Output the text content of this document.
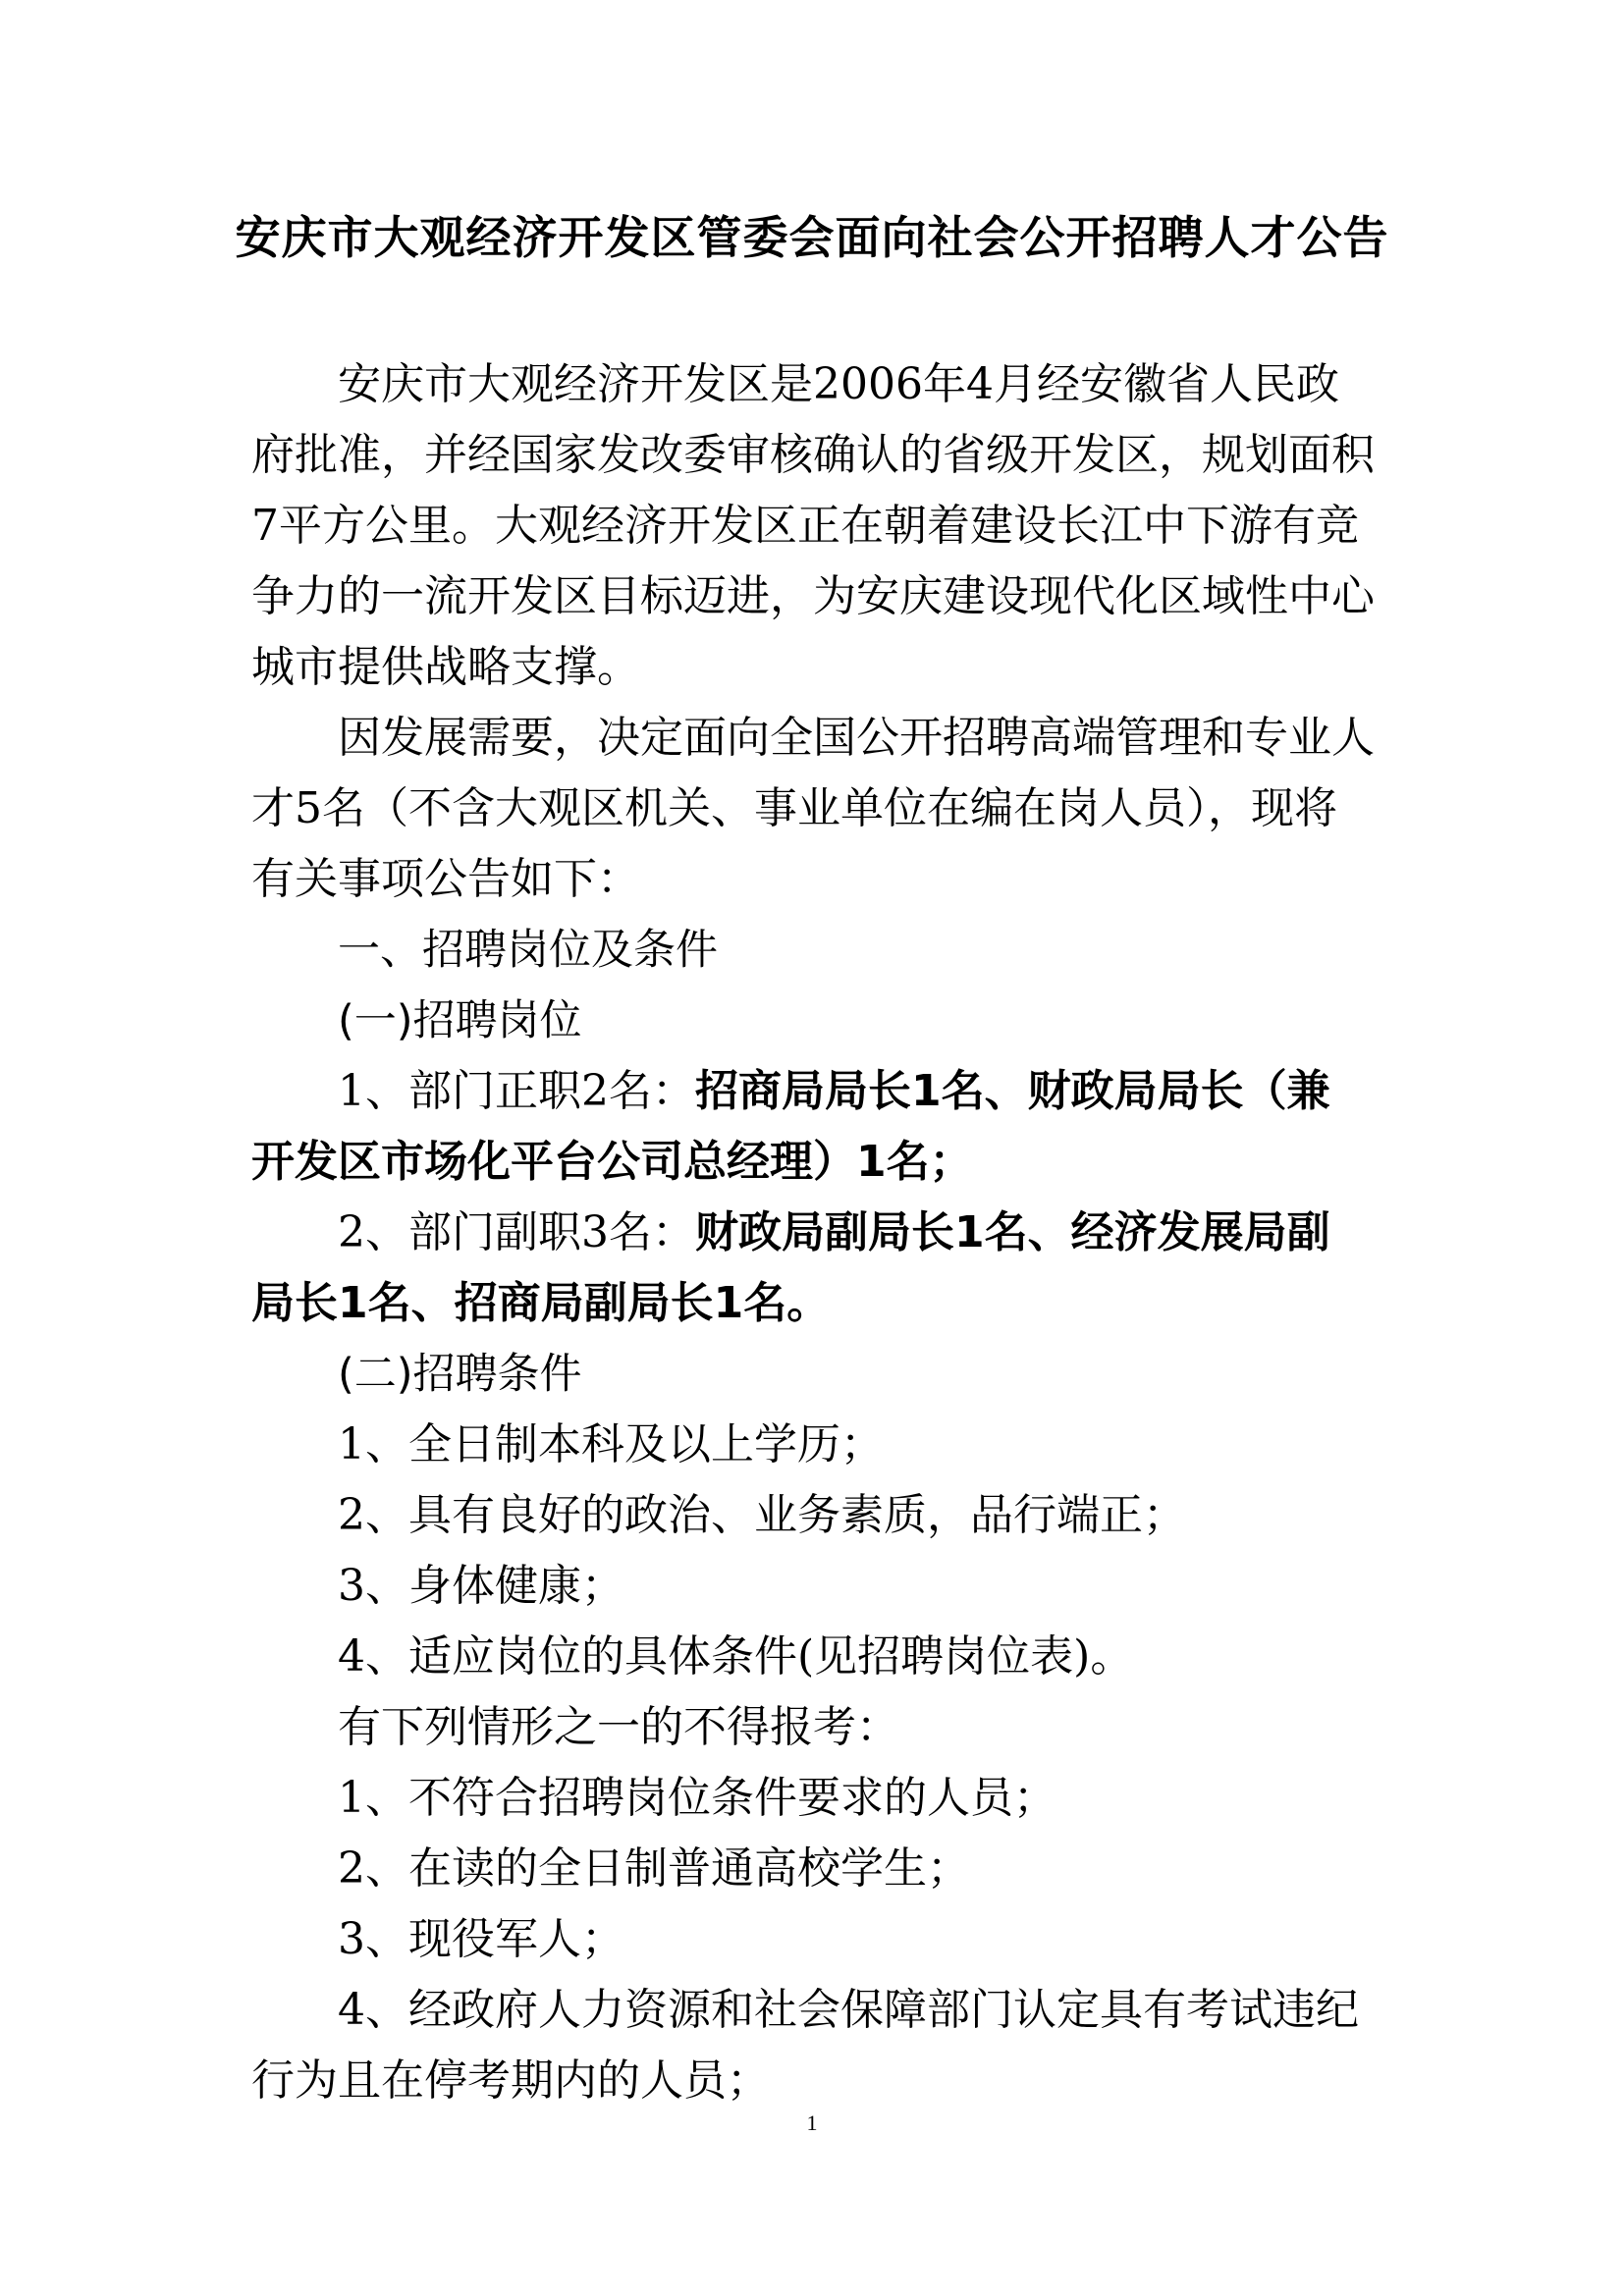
安庆市大观经济开发区管委会面向社会公开招聘人才公告
安庆市大观经济开发区是2006年4月经安徽省人民政
府批准，并经国家发改委审核确认的省级开发区，规划面积
7平方公里。大观经济开发区正在朝着建设长江中下游有竞
争力的一流开发区目标迈进，为安庆建设现代化区域性中心
城市提供战略支撑。
因发展需要，决定面向全国公开招聘高端管理和专业人
才5名（不含大观区机关、事业单位在编在岗人员），现将
有关事项公告如下：
一、招聘岗位及条件
(一)招聘岗位
1、部门正职2名：招商局局长1名、财政局局长（兼
开发区市场化平台公司总经理）1名；
2、部门副职3名：财政局副局长1名、经济发展局副
局长1名、招商局副局长1名。
(二)招聘条件
1、全日制本科及以上学历；
2、具有良好的政治、业务素质，品行端正；
3、身体健康；
4、适应岗位的具体条件(见招聘岗位表)。
有下列情形之一的不得报考：
1、不符合招聘岗位条件要求的人员；
2、在读的全日制普通高校学生；
3、现役军人；
4、经政府人力资源和社会保障部门认定具有考试违纪
行为且在停考期内的人员；
1
